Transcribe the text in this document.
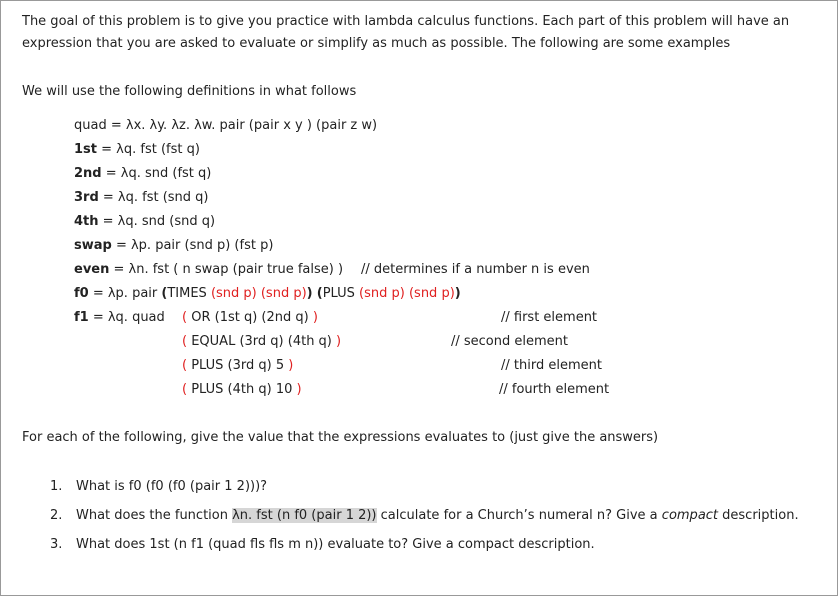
The goal of this problem is to give you practice with lambda calculus functions. Each part of this problem will have an
expression that you are asked to evaluate or simplify as much as possible. The following are some examples
We will use the following definitions in what follows
quad = λx. λy. λz. λw. pair (pair x y ) (pair z w)
1st = λq. fst (fst q)
2nd = λq. snd (fst q)
3rd = λq. fst (snd q)
4th = λq. snd (snd q)
swap = λp. pair (snd p) (fst p)
even = λn. fst ( n swap (pair true false) ) // determines if a number n is even
f0 = λp. pair (TIMES (snd p) (snd p)) (PLUS (snd p) (snd p))
f1 = λq. quad ( OR (1st q) (2nd q) )	// first element
( EQUAL (3rd q) (4th q) )	// second element
( PLUS (3rd q) 5 )	// third element
( PLUS (4th q) 10 )	// fourth element
For each of the following, give the value that the expressions evaluates to (just give the answers)
1. What is f0 (f0 (f0 (pair 1 2)))?
2. What does the function λn. fst (n f0 (pair 1 2)) calculate for a Church’s numeral n? Give a compact description.
3. What does 1st (n f1 (quad fls fls m n)) evaluate to? Give a compact description.
